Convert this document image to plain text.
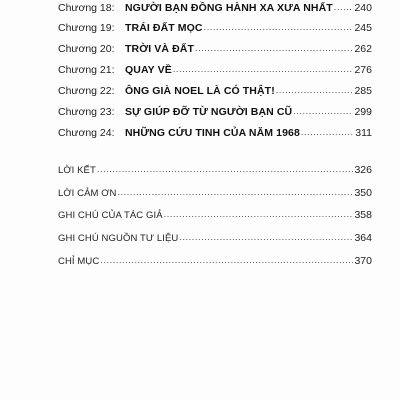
Chương 18: NGƯỜI BẠN ĐỒNG HÀNH XA XƯA NHẤT ..... 240
Chương 19: TRÁI ĐẤT MỌC .....	245
Chương 20: TRỜI VÀ ĐẤT .....	262
Chương 21: QUAY VỀ .....	276
Chương 22: ÔNG GIÀ NOEL LÀ CÓ THẬT! .....	285
Chương 23: SỰ GIÚP ĐỠ TỪ NGƯỜI BẠN CŨ .....	299
Chương 24: NHỮNG CỨU TINH CỦA NĂM 1968 .....	311
LỜI KẾT .....	326
LỜI CẢM ƠN .....	350
GHI CHÚ CỦA TÁC GIẢ .....	358
GHI CHÚ NGUỒN TƯ LIỆU .....	364
CHỈ MỤC .....	370
